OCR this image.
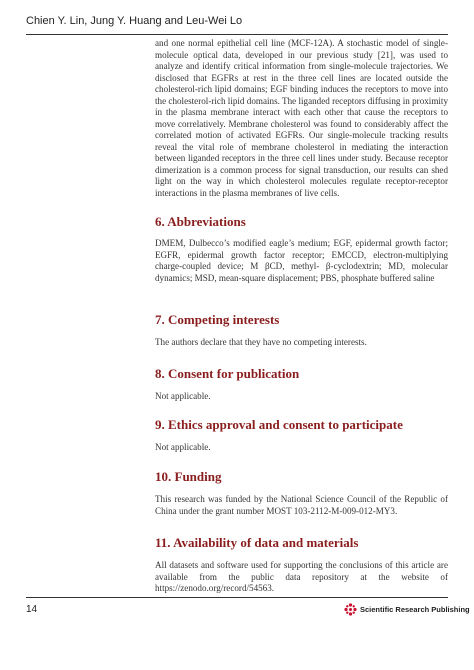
Chien Y. Lin, Jung Y. Huang and Leu-Wei Lo

and one normal epithelial cell line (MCF-12A). A stochastic model of single-molecule optical data, developed in our previous study [21], was used to analyze and identify critical information from single-molecule trajectories. We disclosed that EGFRs at rest in the three cell lines are located outside the cholesterol-rich lipid domains; EGF binding induces the receptors to move into the cholesterol-rich lipid domains. The liganded receptors diffusing in proximity in the plasma membrane interact with each other that cause the receptors to move correlatively. Membrane cholesterol was found to considerably affect the correlated motion of activated EGFRs. Our single-molecule tracking results reveal the vital role of membrane cholesterol in mediating the interaction between liganded receptors in the three cell lines under study. Because receptor dimerization is a common process for signal transduction, our results can shed light on the way in which cholesterol molecules regulate receptor-receptor interactions in the plasma membranes of live cells.

6. Abbreviations

DMEM, Dulbecco’s modified eagle’s medium; EGF, epidermal growth factor; EGFR, epidermal growth factor receptor; EMCCD, electron-multiplying charge-coupled device; M βCD, methyl- β-cyclodextrin; MD, molecular dynamics; MSD, mean-square displacement; PBS, phosphate buffered saline

7. Competing interests

The authors declare that they have no competing interests.

8. Consent for publication

Not applicable.

9. Ethics approval and consent to participate

Not applicable.

10. Funding

This research was funded by the National Science Council of the Republic of China under the grant number MOST 103-2112-M-009-012-MY3.

11. Availability of data and materials

All datasets and software used for supporting the conclusions of this article are available from the public data repository at the website of https://zenodo.org/record/54563.

14	Scientific Research Publishing
